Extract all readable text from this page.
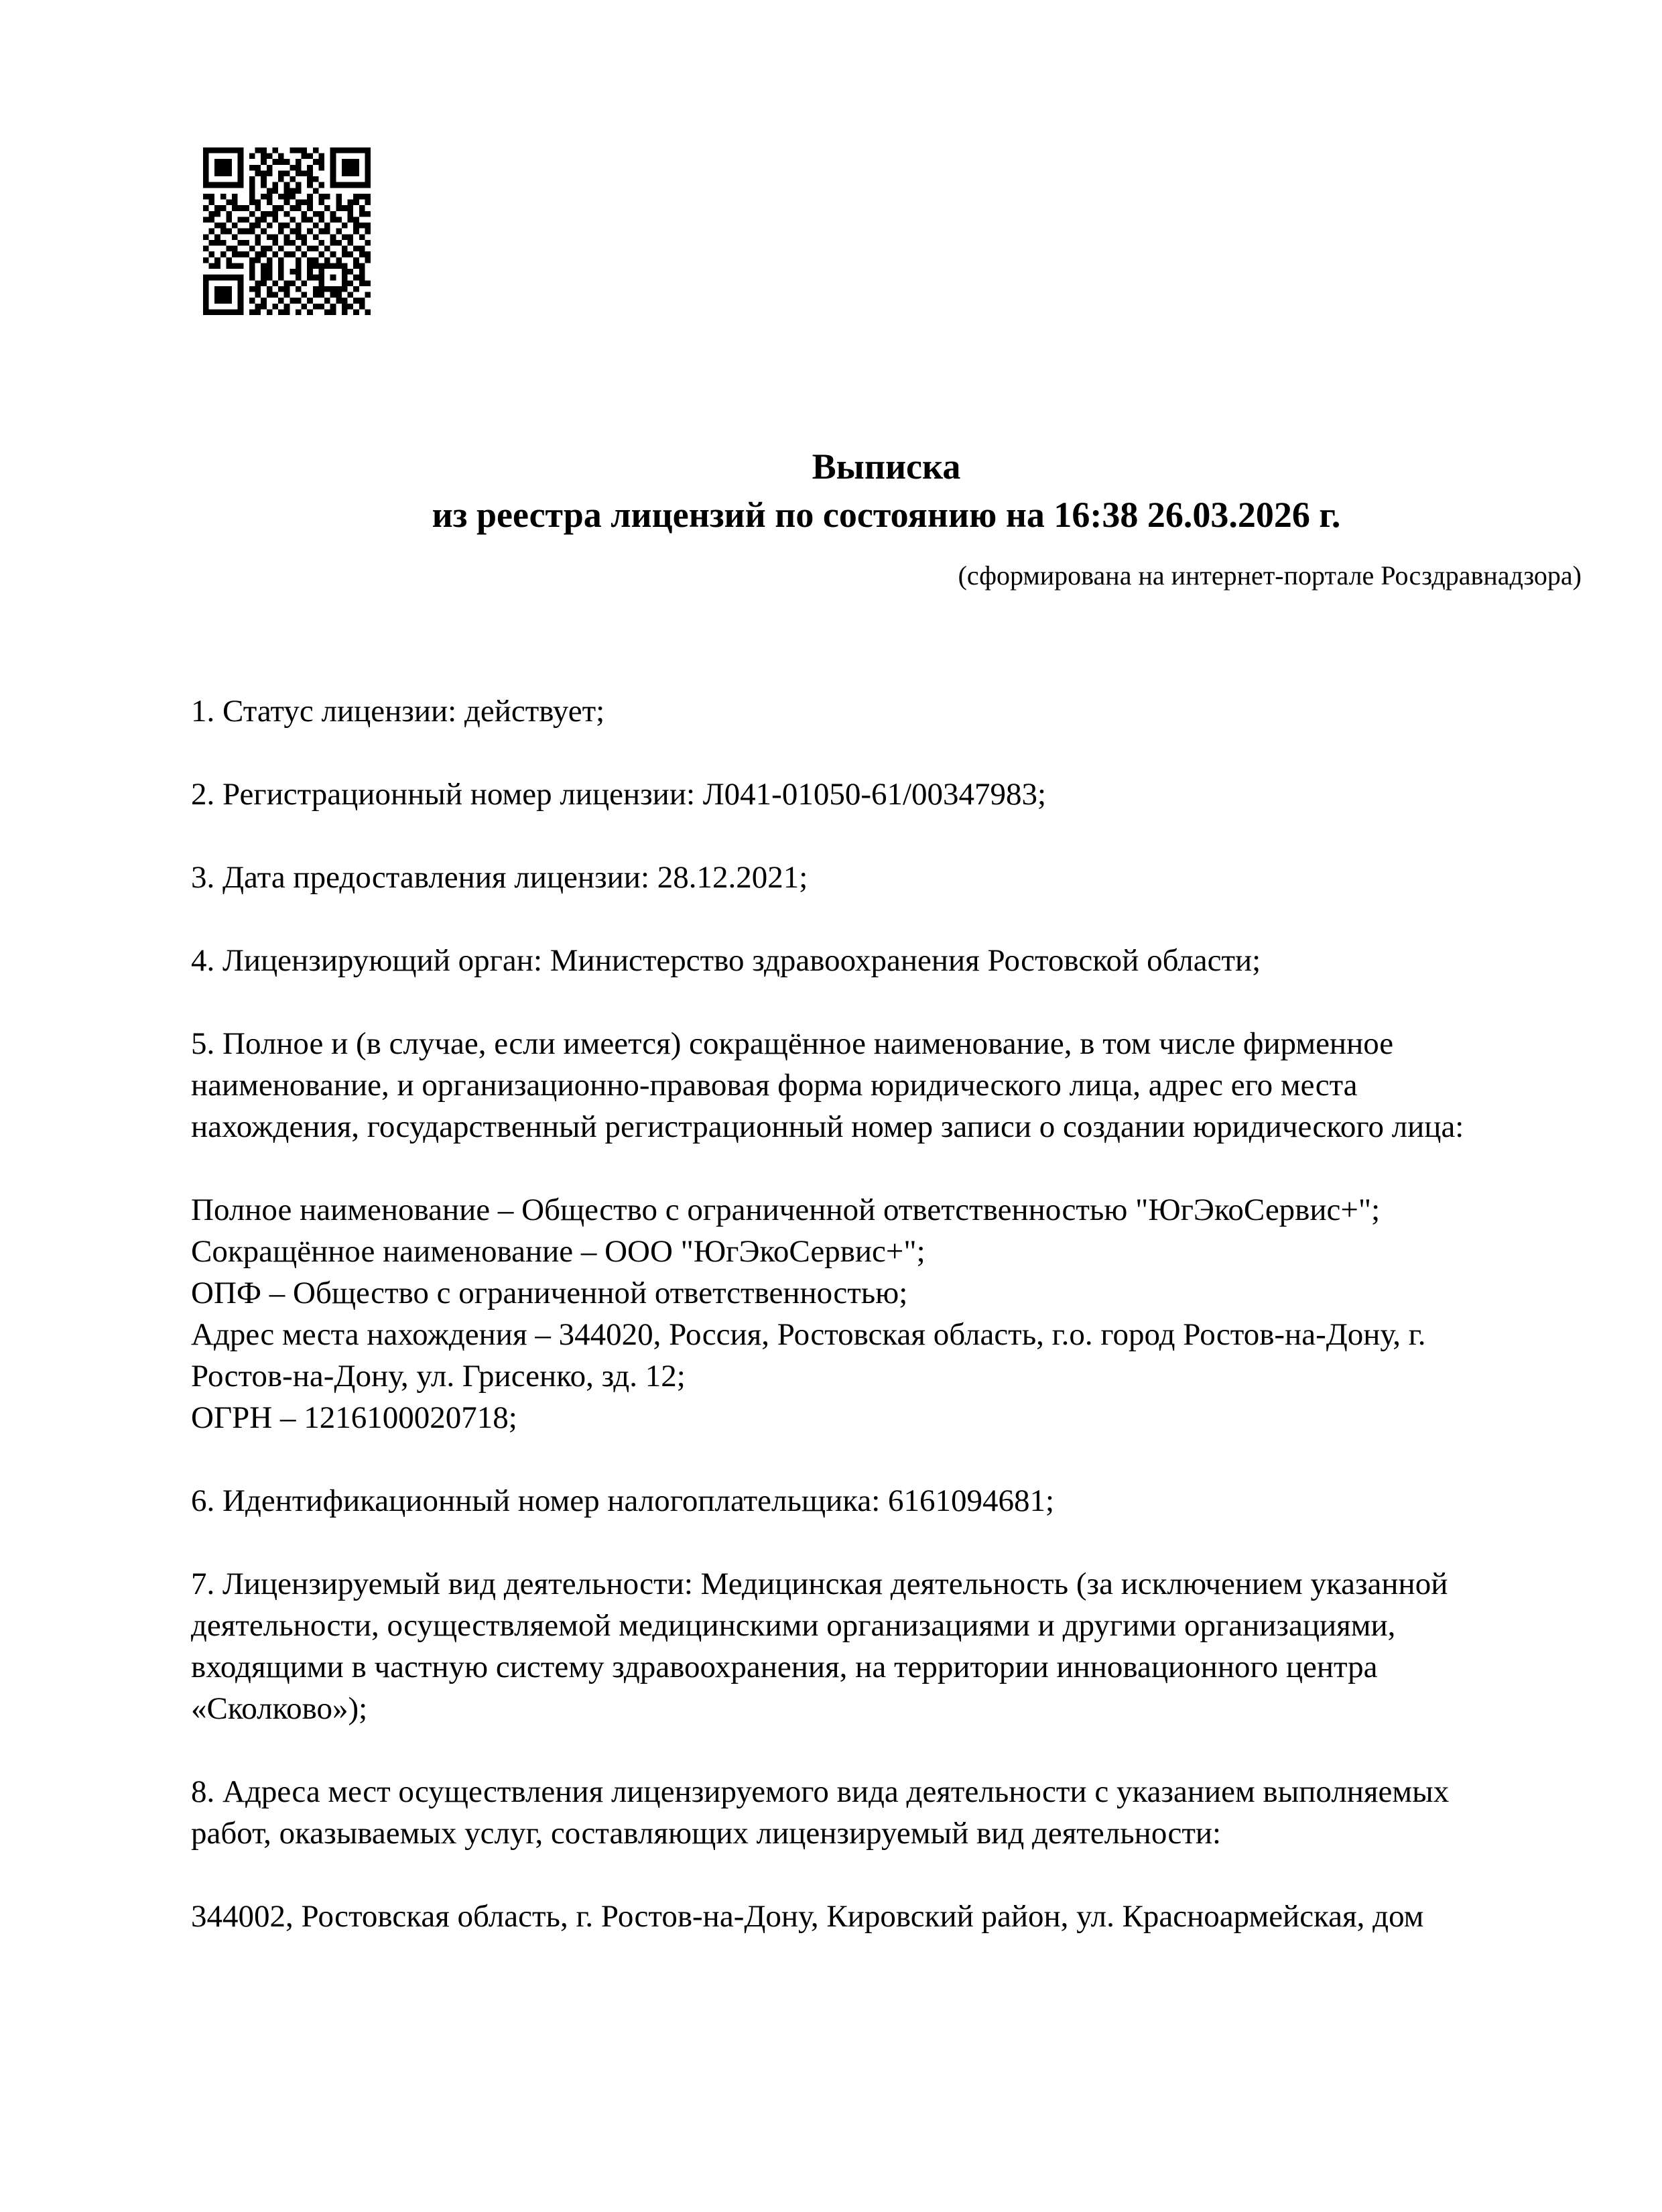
Выписка
из реестра лицензий по состоянию на 16:38 26.03.2026 г.
(сформирована на интернет-портале Росздравнадзора)
1. Статус лицензии: действует;
2. Регистрационный номер лицензии: Л041-01050-61/00347983;
3. Дата предоставления лицензии: 28.12.2021;
4. Лицензирующий орган: Министерство здравоохранения Ростовской области;
5. Полное и (в случае, если имеется) сокращённое наименование, в том числе фирменное
наименование, и организационно-правовая форма юридического лица, адрес его места
нахождения, государственный регистрационный номер записи о создании юридического лица:
Полное наименование – Общество с ограниченной ответственностью "ЮгЭкоСервис+";
Сокращённое наименование – ООО "ЮгЭкоСервис+";
ОПФ – Общество с ограниченной ответственностью;
Адрес места нахождения – 344020, Россия, Ростовская область, г.о. город Ростов-на-Дону, г.
Ростов-на-Дону, ул. Грисенко, зд. 12;
ОГРН – 1216100020718;
6. Идентификационный номер налогоплательщика: 6161094681;
7. Лицензируемый вид деятельности: Медицинская деятельность (за исключением указанной
деятельности, осуществляемой медицинскими организациями и другими организациями,
входящими в частную систему здравоохранения, на территории инновационного центра
«Сколково»);
8. Адреса мест осуществления лицензируемого вида деятельности с указанием выполняемых
работ, оказываемых услуг, составляющих лицензируемый вид деятельности:
344002, Ростовская область, г. Ростов-на-Дону, Кировский район, ул. Красноармейская, дом
